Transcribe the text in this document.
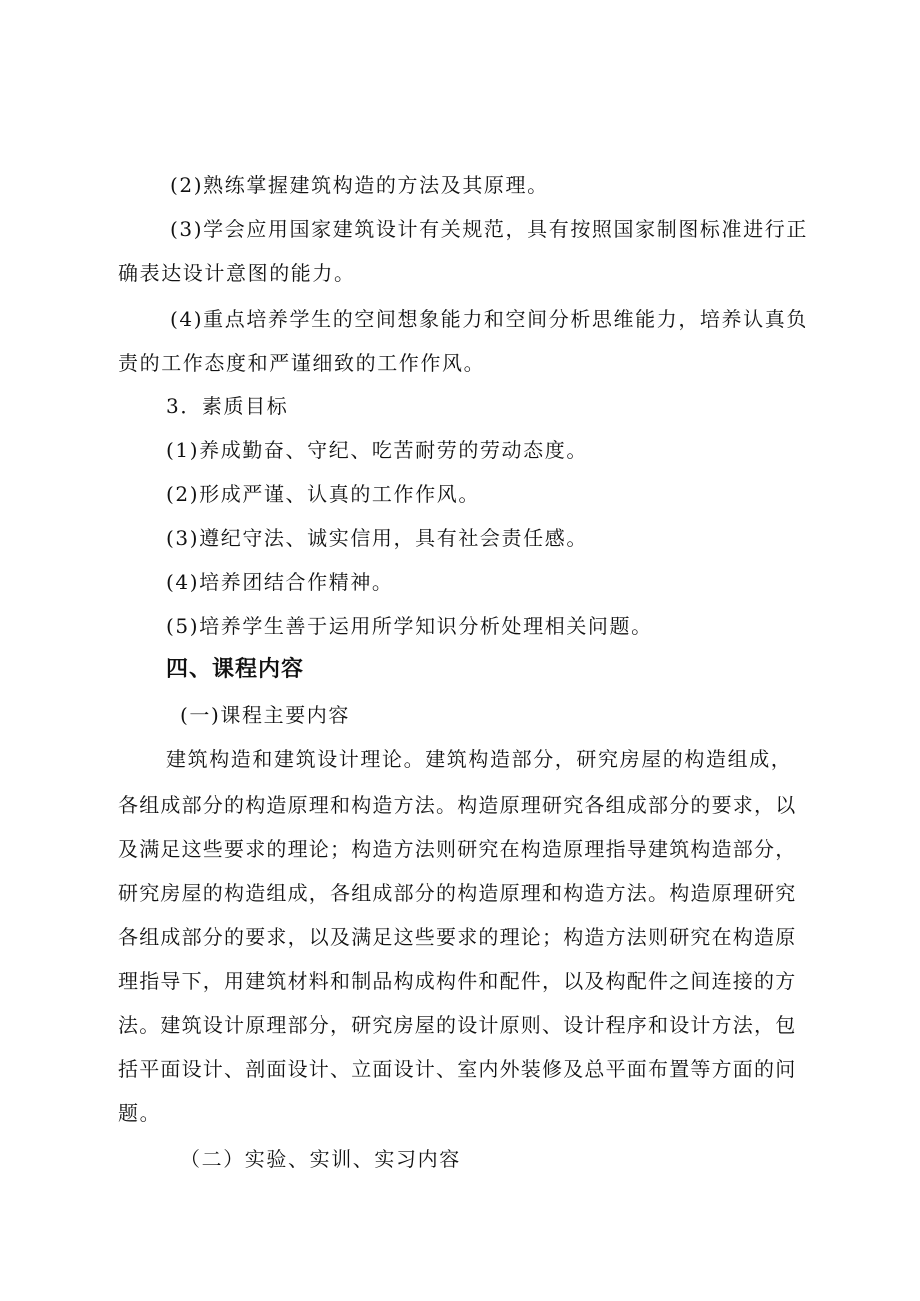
(2)熟练掌握建筑构造的方法及其原理。
(3)学会应用国家建筑设计有关规范，具有按照国家制图标准进行正
确表达设计意图的能力。
(4)重点培养学生的空间想象能力和空间分析思维能力，培养认真负
责的工作态度和严谨细致的工作作风。
3．素质目标
(1)养成勤奋、守纪、吃苦耐劳的劳动态度。
(2)形成严谨、认真的工作作风。
(3)遵纪守法、诚实信用，具有社会责任感。
(4)培养团结合作精神。
(5)培养学生善于运用所学知识分析处理相关问题。
四、课程内容
(一)课程主要内容
建筑构造和建筑设计理论。建筑构造部分，研究房屋的构造组成，
各组成部分的构造原理和构造方法。构造原理研究各组成部分的要求，以
及满足这些要求的理论；构造方法则研究在构造原理指导建筑构造部分，
研究房屋的构造组成，各组成部分的构造原理和构造方法。构造原理研究
各组成部分的要求，以及满足这些要求的理论；构造方法则研究在构造原
理指导下，用建筑材料和制品构成构件和配件，以及构配件之间连接的方
法。建筑设计原理部分，研究房屋的设计原则、设计程序和设计方法，包
括平面设计、剖面设计、立面设计、室内外装修及总平面布置等方面的问
题。
（二）实验、实训、实习内容
